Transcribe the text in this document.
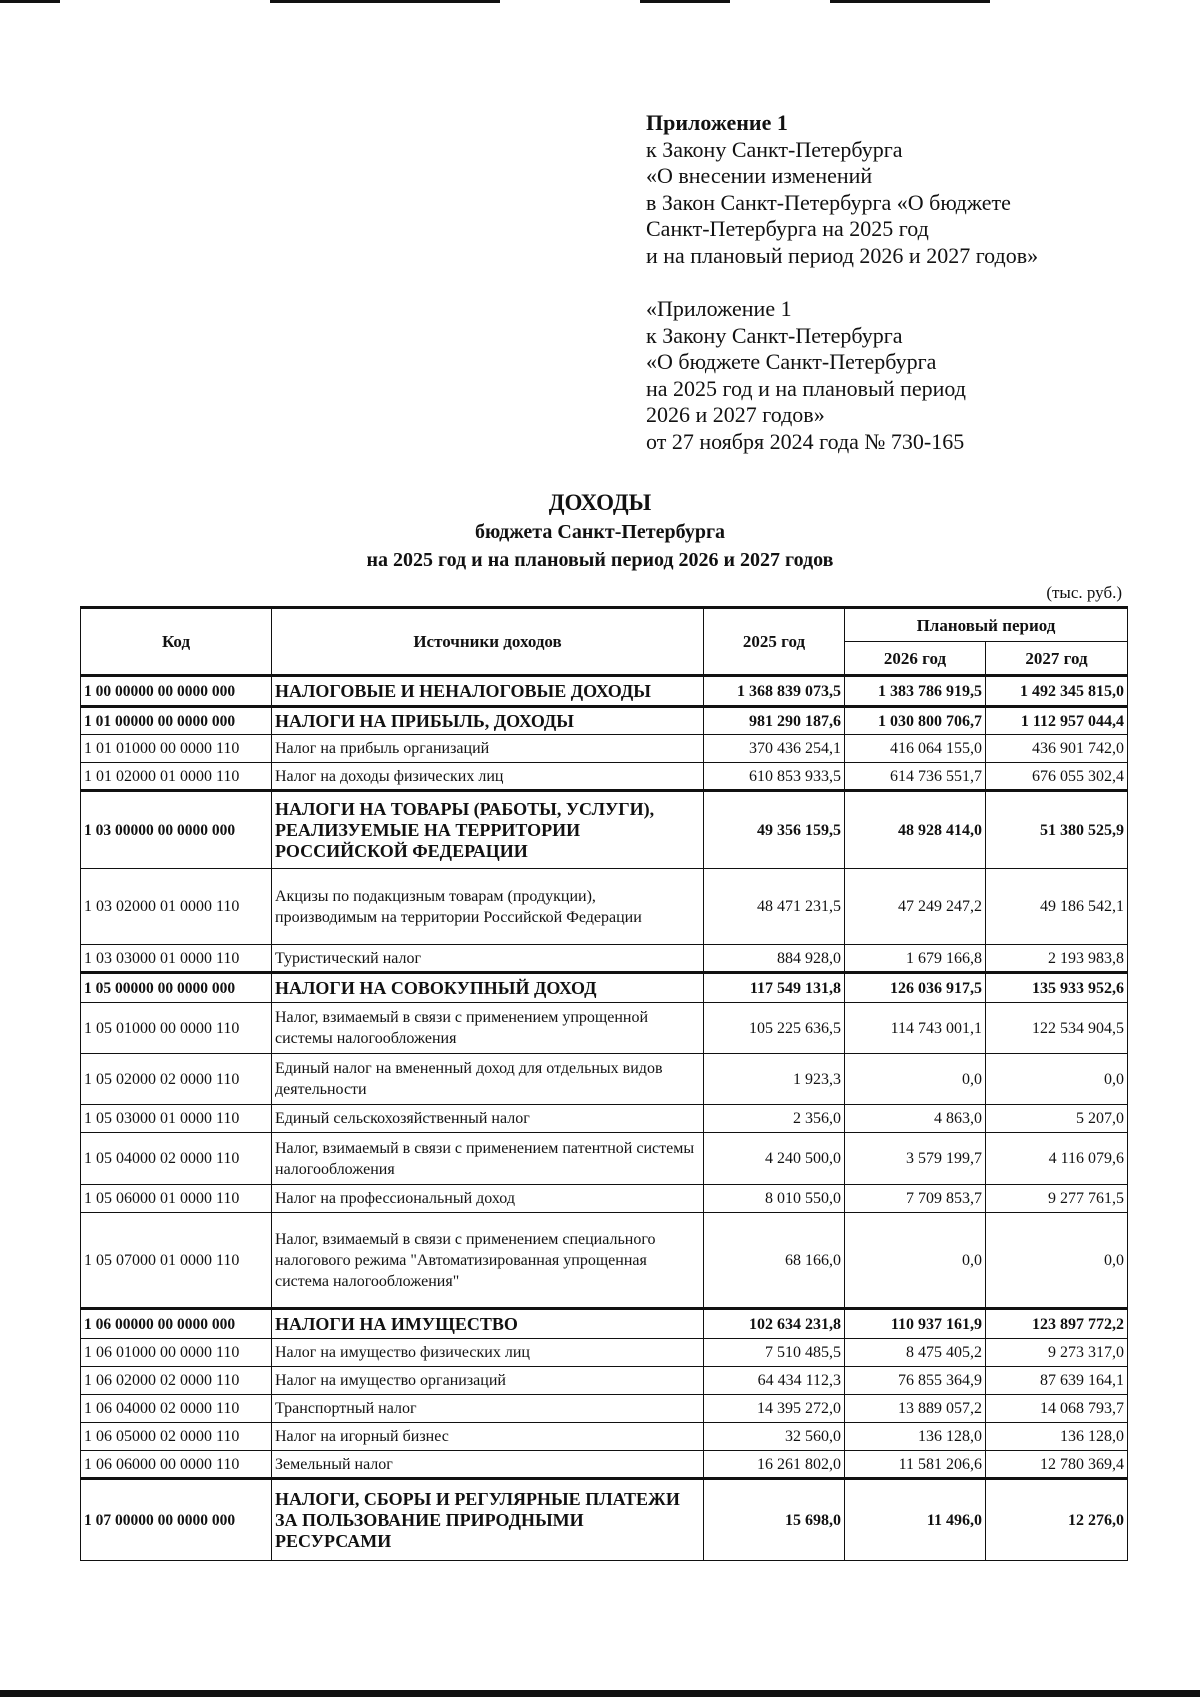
Приложение 1
к Закону Санкт-Петербурга
«О внесении изменений
в Закон Санкт-Петербурга «О бюджете
Санкт-Петербурга на 2025 год
и на плановый период 2026 и 2027 годов»
«Приложение 1
к Закону Санкт-Петербурга
«О бюджете Санкт-Петербурга
на 2025 год и на плановый период
2026 и 2027 годов»
от 27 ноября 2024 года № 730-165
ДОХОДЫ
бюджета Санкт-Петербурга
на 2025 год и на плановый период 2026 и 2027 годов
(тыс. руб.)
Код	Источники доходов	2025 год	Плановый период	
			2026 год	2027 год
1 00 00000 00 0000 000	НАЛОГОВЫЕ И НЕНАЛОГОВЫЕ ДОХОДЫ	1 368 839 073,5	1 383 786 919,5	1 492 345 815,0
1 01 00000 00 0000 000	НАЛОГИ НА ПРИБЫЛЬ, ДОХОДЫ	981 290 187,6	1 030 800 706,7	1 112 957 044,4
1 01 01000 00 0000 110	Налог на прибыль организаций	370 436 254,1	416 064 155,0	436 901 742,0
1 01 02000 01 0000 110	Налог на доходы физических лиц	610 853 933,5	614 736 551,7	676 055 302,4
1 03 00000 00 0000 000	НАЛОГИ НА ТОВАРЫ (РАБОТЫ, УСЛУГИ), РЕАЛИЗУЕМЫЕ НА ТЕРРИТОРИИ РОССИЙСКОЙ ФЕДЕРАЦИИ	49 356 159,5	48 928 414,0	51 380 525,9
1 03 02000 01 0000 110	Акцизы по подакцизным товарам (продукции), производимым на территории Российской Федерации	48 471 231,5	47 249 247,2	49 186 542,1
1 03 03000 01 0000 110	Туристический налог	884 928,0	1 679 166,8	2 193 983,8
1 05 00000 00 0000 000	НАЛОГИ НА СОВОКУПНЫЙ ДОХОД	117 549 131,8	126 036 917,5	135 933 952,6
1 05 01000 00 0000 110	Налог, взимаемый в связи с применением упрощенной системы налогообложения	105 225 636,5	114 743 001,1	122 534 904,5
1 05 02000 02 0000 110	Единый налог на вмененный доход для отдельных видов деятельности	1 923,3	0,0	0,0
1 05 03000 01 0000 110	Единый сельскохозяйственный налог	2 356,0	4 863,0	5 207,0
1 05 04000 02 0000 110	Налог, взимаемый в связи с применением патентной системы налогообложения	4 240 500,0	3 579 199,7	4 116 079,6
1 05 06000 01 0000 110	Налог на профессиональный доход	8 010 550,0	7 709 853,7	9 277 761,5
1 05 07000 01 0000 110	Налог, взимаемый в связи с применением специального налогового режима "Автоматизированная упрощенная система налогообложения"	68 166,0	0,0	0,0
1 06 00000 00 0000 000	НАЛОГИ НА ИМУЩЕСТВО	102 634 231,8	110 937 161,9	123 897 772,2
1 06 01000 00 0000 110	Налог на имущество физических лиц	7 510 485,5	8 475 405,2	9 273 317,0
1 06 02000 02 0000 110	Налог на имущество организаций	64 434 112,3	76 855 364,9	87 639 164,1
1 06 04000 02 0000 110	Транспортный налог	14 395 272,0	13 889 057,2	14 068 793,7
1 06 05000 02 0000 110	Налог на игорный бизнес	32 560,0	136 128,0	136 128,0
1 06 06000 00 0000 110	Земельный налог	16 261 802,0	11 581 206,6	12 780 369,4
1 07 00000 00 0000 000	НАЛОГИ, СБОРЫ И РЕГУЛЯРНЫЕ ПЛАТЕЖИ ЗА ПОЛЬЗОВАНИЕ ПРИРОДНЫМИ РЕСУРСАМИ	15 698,0	11 496,0	12 276,0
